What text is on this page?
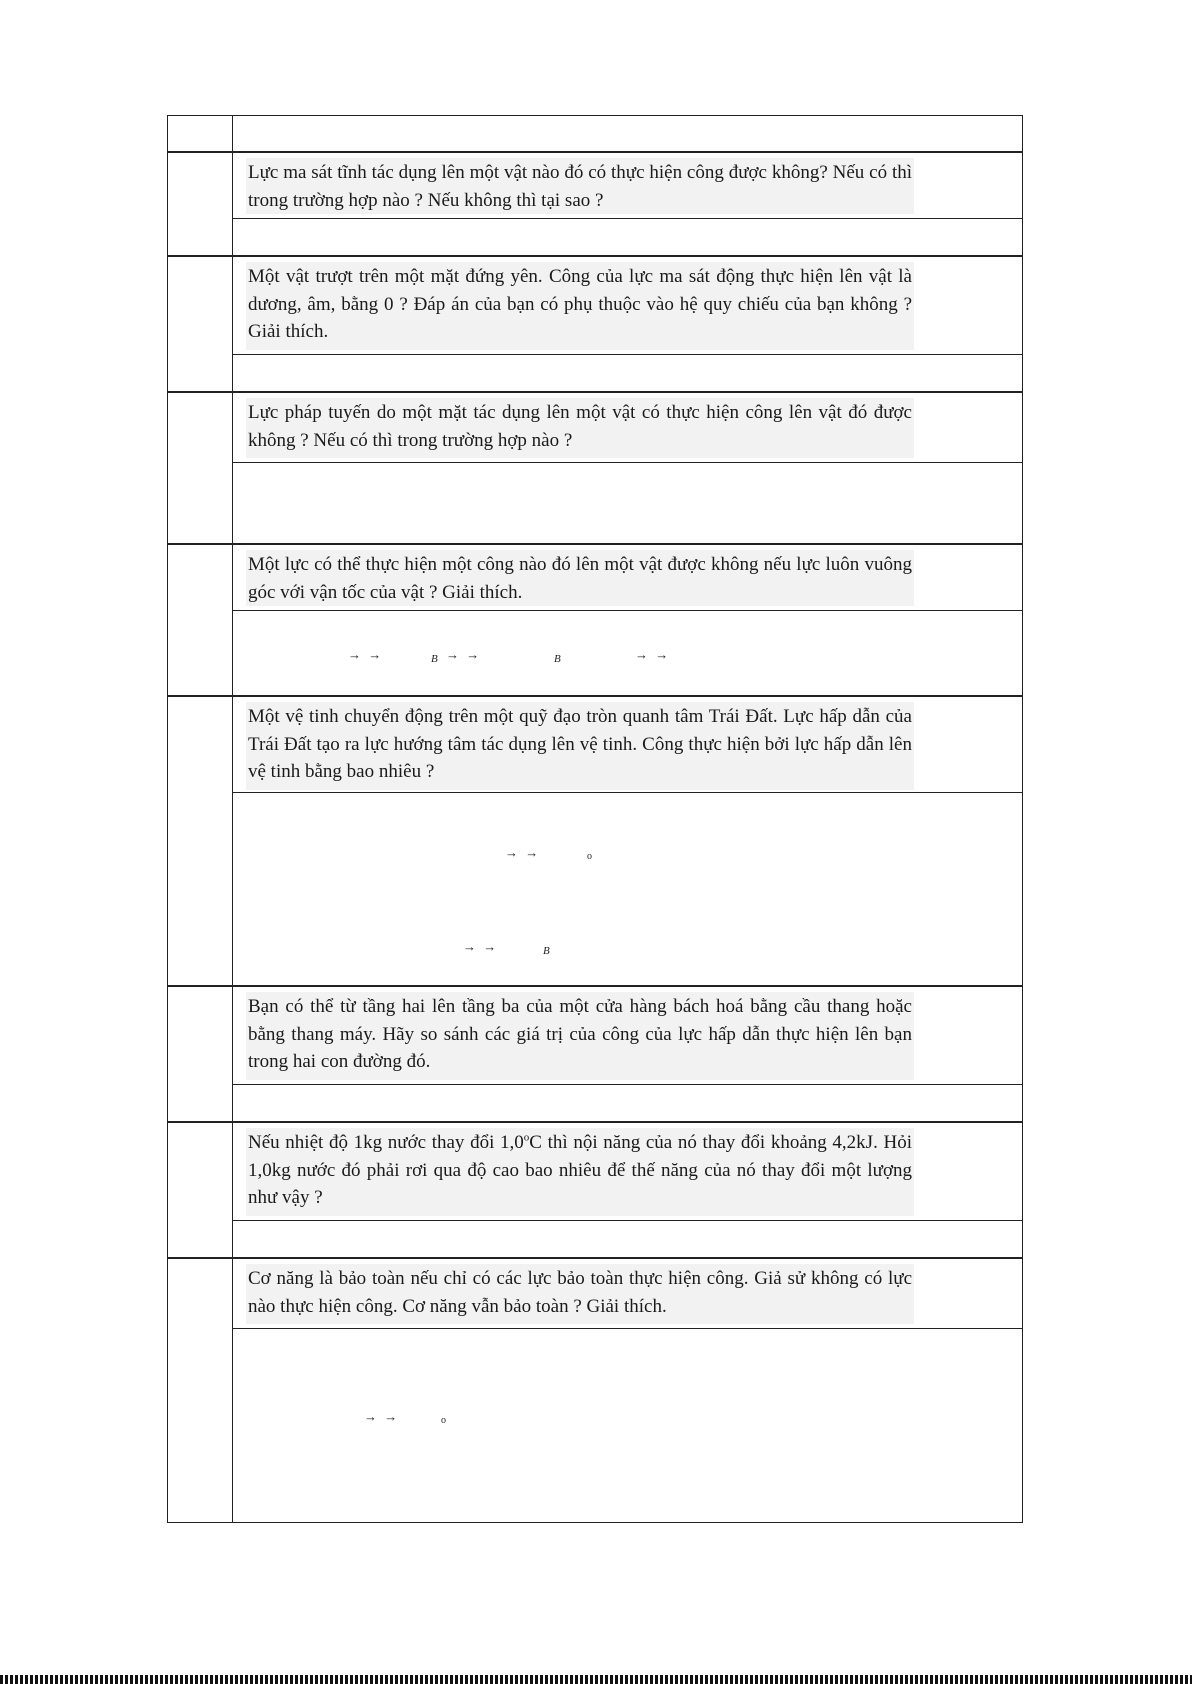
Lực ma sát tĩnh tác dụng lên một vật nào đó có thực hiện công được không? Nếu có thì trong trường hợp nào ? Nếu không thì tại sao ?
Một vật trượt trên một mặt đứng yên. Công của lực ma sát động thực hiện lên vật là dương, âm, bằng 0 ? Đáp án của bạn có phụ thuộc vào hệ quy chiếu của bạn không ? Giải thích.
Lực pháp tuyến do một mặt tác dụng lên một vật có thực hiện công lên vật đó được không ? Nếu có thì trong trường hợp nào ?
Một lực có thể thực hiện một công nào đó lên một vật được không nếu lực luôn vuông góc với vận tốc của vật ? Giải thích.
→ →	B → →	B	→ →
Một vệ tinh chuyển động trên một quỹ đạo tròn quanh tâm Trái Đất. Lực hấp dẫn của Trái Đất tạo ra lực hướng tâm tác dụng lên vệ tinh. Công thực hiện bởi lực hấp dẫn lên vệ tinh bằng bao nhiêu ?
→ →	o
→ →	B
Bạn có thể từ tầng hai lên tầng ba của một cửa hàng bách hoá bằng cầu thang hoặc bằng thang máy. Hãy so sánh các giá trị của công của lực hấp dẫn thực hiện lên bạn trong hai con đường đó.
Nếu nhiệt độ 1kg nước thay đổi 1,0$^o$C thì nội năng của nó thay đổi khoảng 4,2kJ. Hỏi 1,0kg nước đó phải rơi qua độ cao bao nhiêu để thế năng của nó thay đổi một lượng như vậy ?
Cơ năng là bảo toàn nếu chỉ có các lực bảo toàn thực hiện công. Giả sử không có lực nào thực hiện công. Cơ năng vẫn bảo toàn ? Giải thích.
→ →	o
